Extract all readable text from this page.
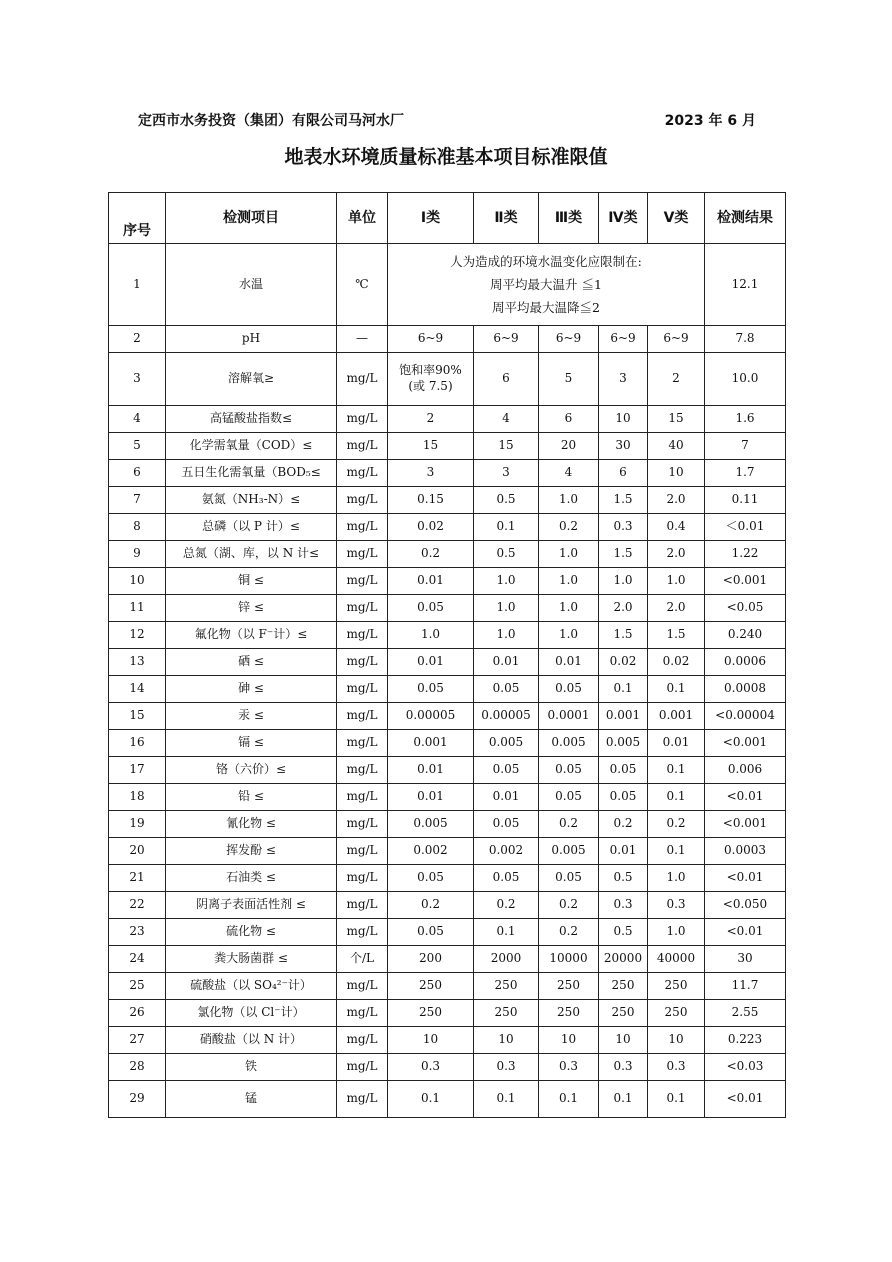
定西市水务投资（集团）有限公司马河水厂	2023 年 6 月
地表水环境质量标准基本项目标准限值
序号	检测项目	单位	Ⅰ类	Ⅱ类	Ⅲ类	Ⅳ类	Ⅴ类	检测结果
1	水温	℃	人为造成的环境水温变化应限制在:
周平均最大温升 ≦1
周平均最大温降≦2					12.1
2	pH	—	6~9	6~9	6~9	6~9	6~9	7.8
3	溶解氧≥	mg/L	饱和率90%
(或 7.5)	6	5	3	2	10.0
4	高锰酸盐指数≤	mg/L	2	4	6	10	15	1.6
5	化学需氧量（COD）≤	mg/L	15	15	20	30	40	7
6	五日生化需氧量（BOD₅≤	mg/L	3	3	4	6	10	1.7
7	氨氮（NH₃-N）≤	mg/L	0.15	0.5	1.0	1.5	2.0	0.11
8	总磷（以 P 计）≤	mg/L	0.02	0.1	0.2	0.3	0.4	＜0.01
9	总氮（湖、库，以 N 计≤	mg/L	0.2	0.5	1.0	1.5	2.0	1.22
10	铜 ≤	mg/L	0.01	1.0	1.0	1.0	1.0	<0.001
11	锌 ≤	mg/L	0.05	1.0	1.0	2.0	2.0	<0.05
12	氟化物（以 F⁻计）≤	mg/L	1.0	1.0	1.0	1.5	1.5	0.240
13	硒 ≤	mg/L	0.01	0.01	0.01	0.02	0.02	0.0006
14	砷 ≤	mg/L	0.05	0.05	0.05	0.1	0.1	0.0008
15	汞 ≤	mg/L	0.00005	0.00005	0.0001	0.001	0.001	<0.00004
16	镉 ≤	mg/L	0.001	0.005	0.005	0.005	0.01	<0.001
17	铬（六价）≤	mg/L	0.01	0.05	0.05	0.05	0.1	0.006
18	铅 ≤	mg/L	0.01	0.01	0.05	0.05	0.1	<0.01
19	氰化物 ≤	mg/L	0.005	0.05	0.2	0.2	0.2	<0.001
20	挥发酚 ≤	mg/L	0.002	0.002	0.005	0.01	0.1	0.0003
21	石油类 ≤	mg/L	0.05	0.05	0.05	0.5	1.0	<0.01
22	阴离子表面活性剂 ≤	mg/L	0.2	0.2	0.2	0.3	0.3	<0.050
23	硫化物 ≤	mg/L	0.05	0.1	0.2	0.5	1.0	<0.01
24	粪大肠菌群 ≤	个/L	200	2000	10000	20000	40000	30
25	硫酸盐（以 SO₄²⁻计）	mg/L	250	250	250	250	250	11.7
26	氯化物（以 Cl⁻计）	mg/L	250	250	250	250	250	2.55
27	硝酸盐（以 N 计）	mg/L	10	10	10	10	10	0.223
28	铁	mg/L	0.3	0.3	0.3	0.3	0.3	<0.03
29	锰	mg/L	0.1	0.1	0.1	0.1	0.1	<0.01
